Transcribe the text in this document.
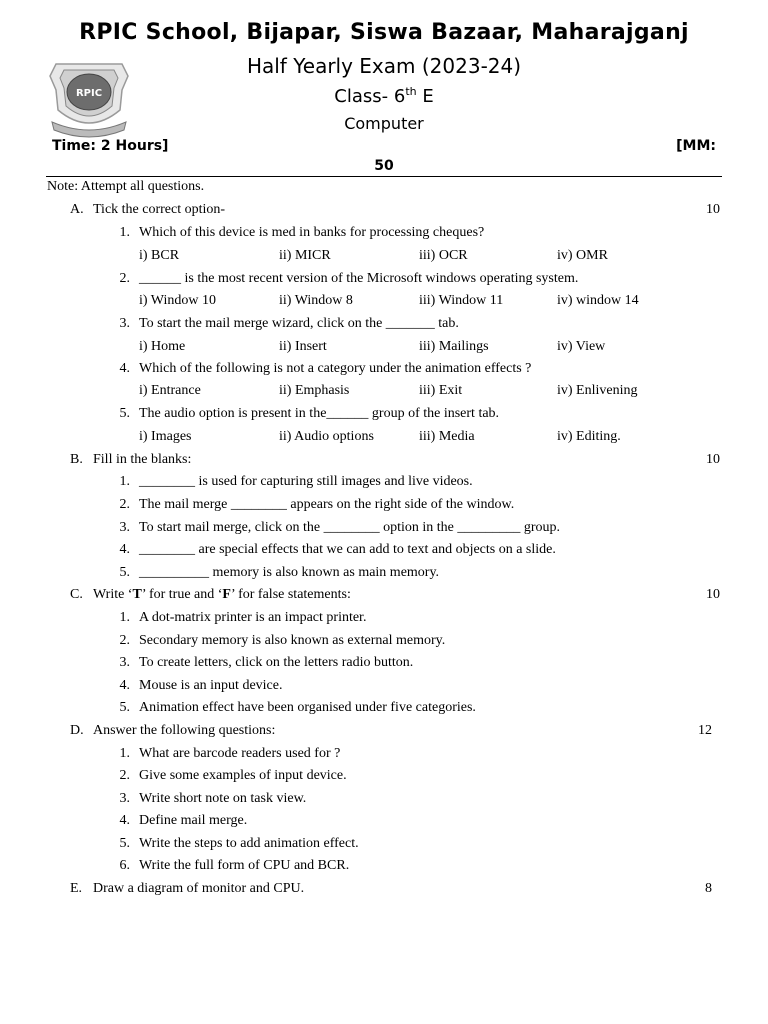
RPIC School, Bijapar, Siswa Bazaar, Maharajganj
Half Yearly Exam (2023-24)
Class- 6th E
Computer
RPIC
Time: 2 Hours]	[MM:
50
Note: Attempt all questions.
A. Tick the correct option-	10
1. Which of this device is med in banks for processing cheques?
i) BCR	ii) MICR	iii) OCR	iv) OMR
2. ______ is the most recent version of the Microsoft windows operating system.
i) Window 10	ii) Window 8	iii) Window 11	iv) window 14
3. To start the mail merge wizard, click on the _______ tab.
i) Home	ii) Insert	iii) Mailings	iv) View
4. Which of the following is not a category under the animation effects ?
i) Entrance	ii) Emphasis	iii) Exit	iv) Enlivening
5. The audio option is present in the______ group of the insert tab.
i) Images	ii) Audio options	iii) Media	iv) Editing.
B. Fill in the blanks:	10
1. ________ is used for capturing still images and live videos.
2. The mail merge ________ appears on the right side of the window.
3. To start mail merge, click on the ________ option in the _________ group.
4. ________ are special effects that we can add to text and objects on a slide.
5. __________ memory is also known as main memory.
C. Write ‘T’ for true and ‘F’ for false statements:	10
1. A dot-matrix printer is an impact printer.
2. Secondary memory is also known as external memory.
3. To create letters, click on the letters radio button.
4. Mouse is an input device.
5. Animation effect have been organised under five categories.
D. Answer the following questions:	12
1. What are barcode readers used for ?
2. Give some examples of input device.
3. Write short note on task view.
4. Define mail merge.
5. Write the steps to add animation effect.
6. Write the full form of CPU and BCR.
E. Draw a diagram of monitor and CPU.	8
